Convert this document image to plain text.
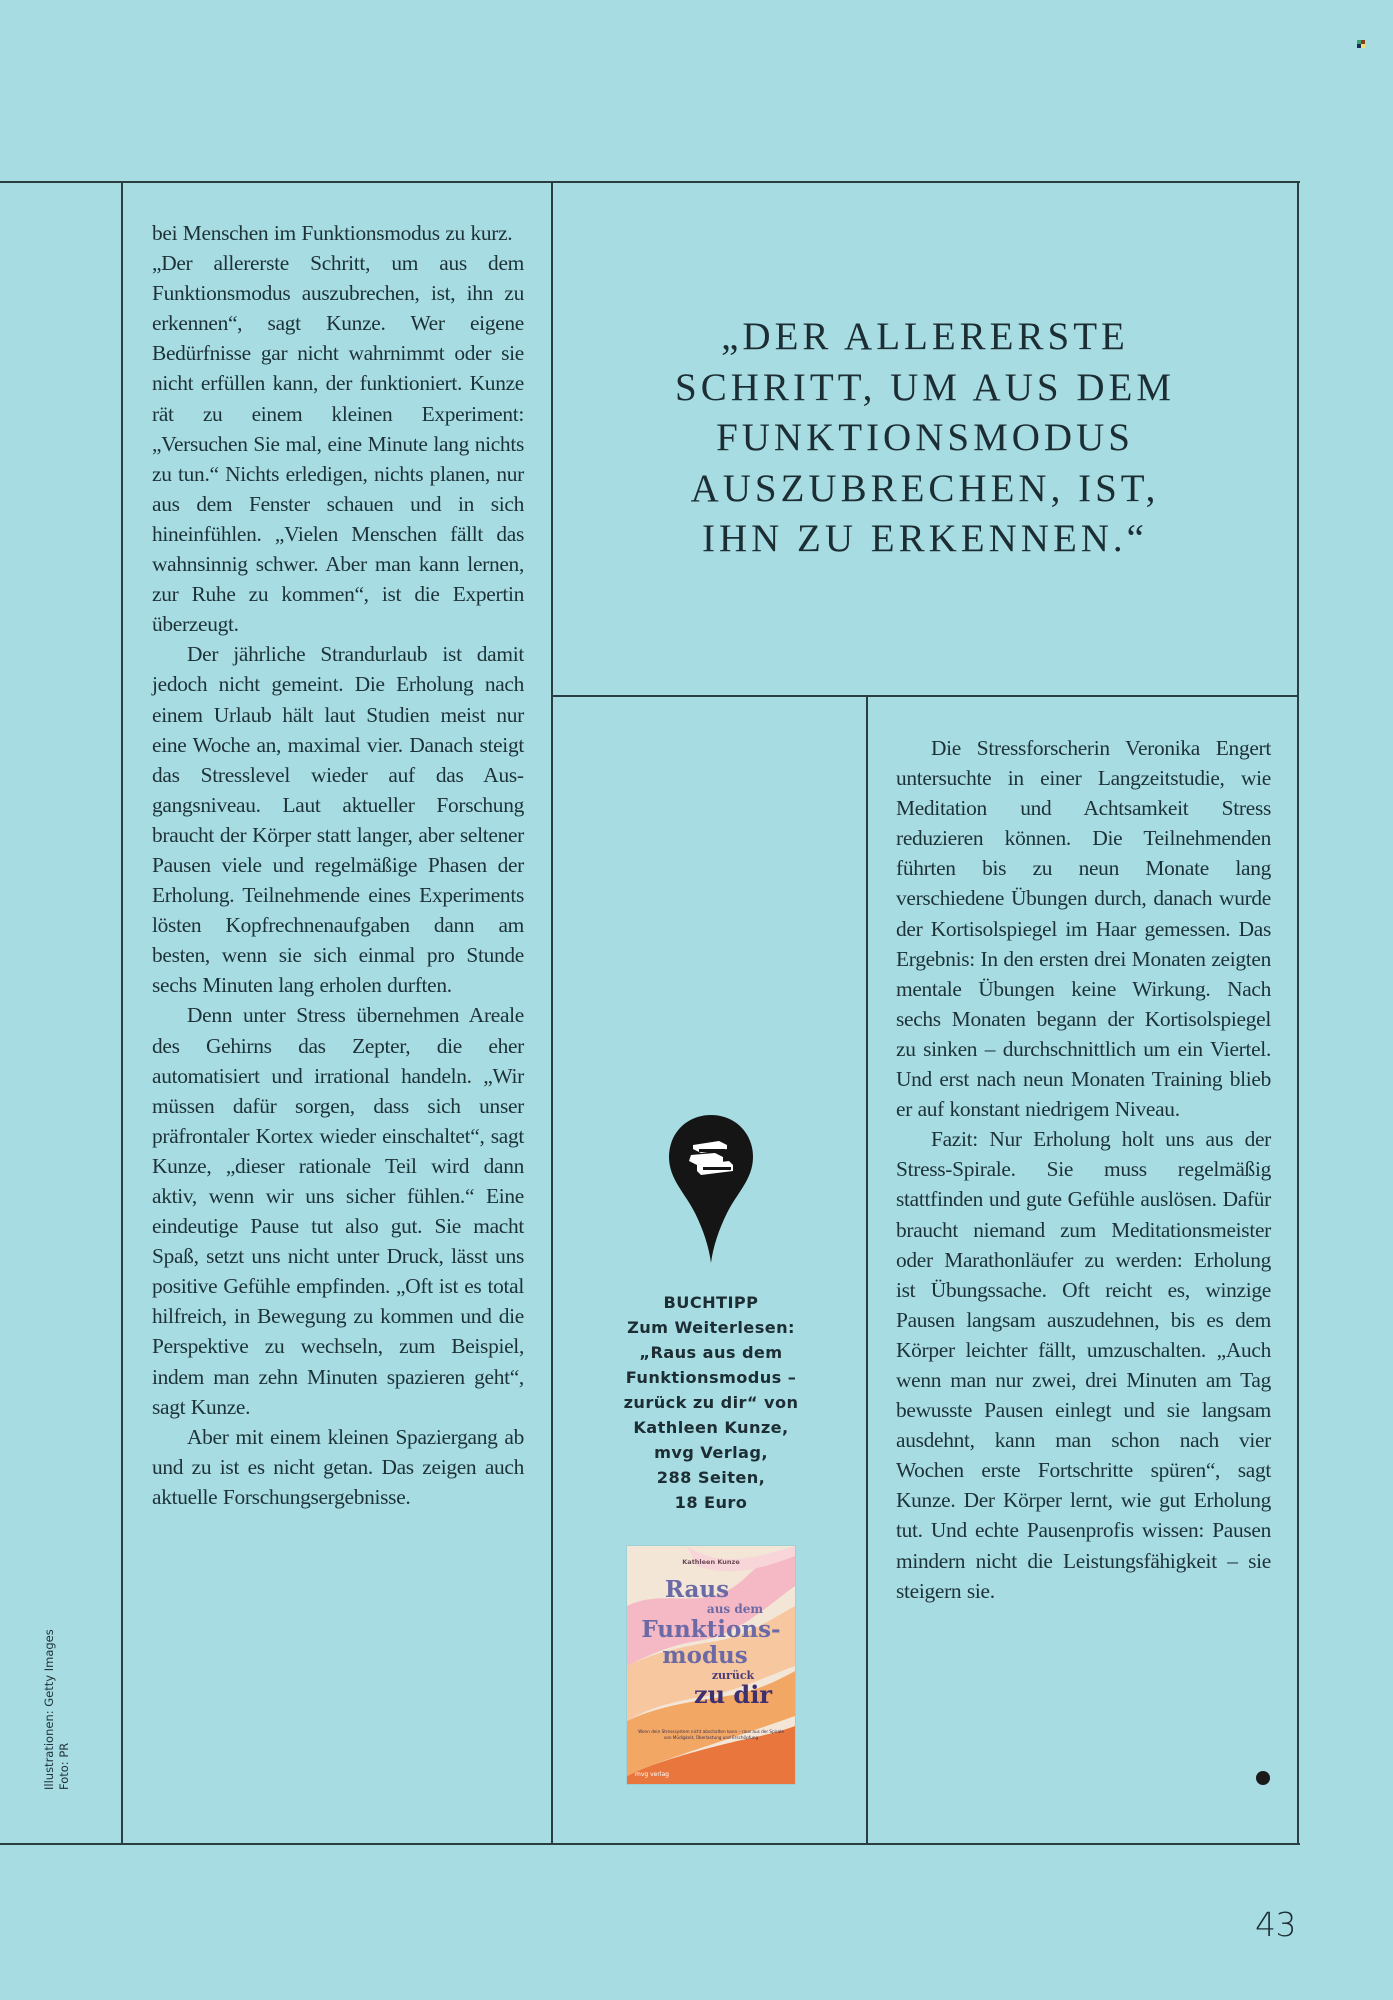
bei Menschen im Funktionsmodus zu kurz.

„Der allererste Schritt, um aus dem Funktionsmodus auszubrechen, ist, ihn zu erkennen“, sagt Kunze. Wer eigene Bedürfnisse gar nicht wahrnimmt oder sie nicht erfüllen kann, der funktioniert. Kunze rät zu einem kleinen Experiment: „Versuchen Sie mal, eine Minute lang nichts zu tun.“ Nichts erledigen, nichts planen, nur aus dem Fenster schauen und in sich hineinfühlen. „Vielen Menschen fällt das wahnsinnig schwer. Aber man kann lernen, zur Ruhe zu kommen“, ist die Expertin überzeugt.

Der jährliche Strandurlaub ist damit jedoch nicht gemeint. Die Erholung nach einem Urlaub hält laut Studien meist nur eine Woche an, maximal vier. Danach steigt das Stresslevel wieder auf das Ausgangsniveau. Laut aktueller Forschung braucht der Körper statt langer, aber seltener Pausen viele und regelmäßige Phasen der Erholung. Teilnehmende eines Experiments lösten Kopfrechnenaufgaben dann am besten, wenn sie sich einmal pro Stunde sechs Minuten lang erholen durften.

Denn unter Stress übernehmen Areale des Gehirns das Zepter, die eher automatisiert und irrational handeln. „Wir müssen dafür sorgen, dass sich unser präfrontaler Kortex wieder einschaltet“, sagt Kunze, „dieser rationale Teil wird dann aktiv, wenn wir uns sicher fühlen.“ Eine eindeutige Pause tut also gut. Sie macht Spaß, setzt uns nicht unter Druck, lässt uns positive Gefühle empfinden. „Oft ist es total hilfreich, in Bewegung zu kommen und die Perspektive zu wechseln, zum Beispiel, indem man zehn Minuten spazieren geht“, sagt Kunze.

Aber mit einem kleinen Spaziergang ab und zu ist es nicht getan. Das zeigen auch aktuelle Forschungsergebnisse.

„DER ALLERERSTE
SCHRITT, UM AUS DEM
FUNKTIONSMODUS
AUSZUBRECHEN, IST,
IHN ZU ERKENNEN.“
BUCHTIPP
Zum Weiterlesen:
„Raus aus dem
Funktionsmodus –
zurück zu dir“ von
Kathleen Kunze,
mvg Verlag,
288 Seiten,
18 Euro
Kathleen Kunze
Raus
aus dem
Funktions-
modus
zurück
zu dir
Wenn dein Stresssystem nicht abschalten kann – raus aus der Spirale von Müdigkeit, Überlastung und Erschöpfung
mvg verlag

Die Stressforscherin Veronika Engert untersuchte in einer Langzeitstudie, wie Meditation und Achtsamkeit Stress reduzieren können. Die Teilnehmenden führten bis zu neun Monate lang verschiedene Übungen durch, danach wurde der Kortisolspiegel im Haar gemessen. Das Ergebnis: In den ersten drei Monaten zeigten mentale Übungen keine Wirkung. Nach sechs Monaten begann der Kortisolspiegel zu sinken – durchschnittlich um ein Viertel. Und erst nach neun Monaten Training blieb er auf konstant niedrigem Niveau.

Fazit: Nur Erholung holt uns aus der Stress-Spirale. Sie muss regelmäßig stattfinden und gute Gefühle auslösen. Dafür braucht niemand zum Meditationsmeister oder Marathonläufer zu werden: Erholung ist Übungssache. Oft reicht es, winzige Pausen langsam auszudehnen, bis es dem Körper leichter fällt, umzuschalten. „Auch wenn man nur zwei, drei Minuten am Tag bewusste Pausen einlegt und sie langsam ausdehnt, kann man schon nach vier Wochen erste Fortschritte spüren“, sagt Kunze. Der Körper lernt, wie gut Erholung tut. Und echte Pausenprofis wissen: Pausen mindern nicht die Leistungsfähigkeit – sie steigern sie.

Illustrationen: Getty Images Foto: PR
43
